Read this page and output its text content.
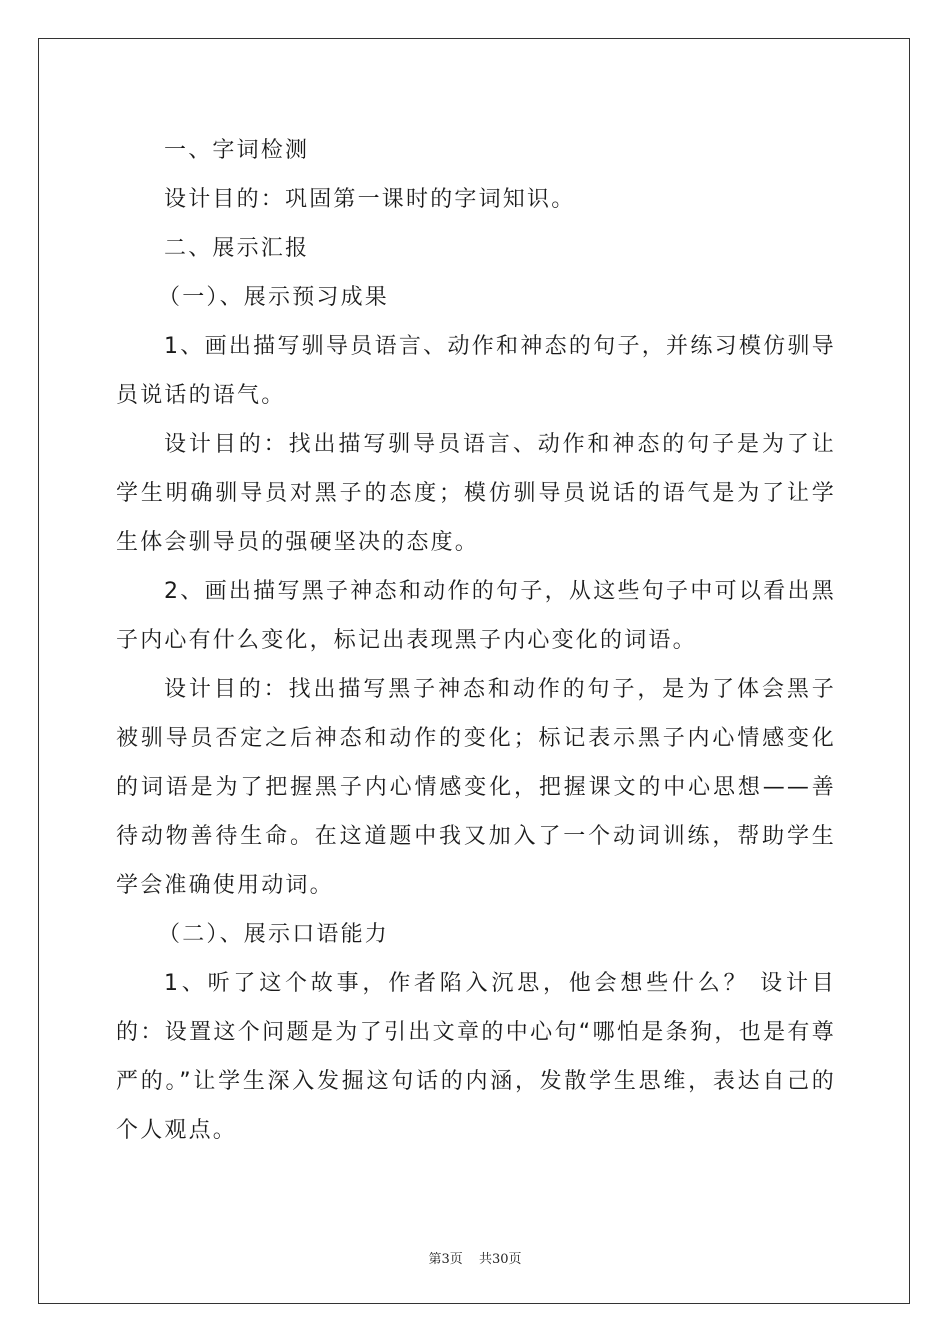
一、字词检测

设计目的：巩固第一课时的字词知识。

二、展示汇报

（一）、展示预习成果

1、画出描写驯导员语言、动作和神态的句子，并练习模仿驯导员说话的语气。

设计目的：找出描写驯导员语言、动作和神态的句子是为了让学生明确驯导员对黑子的态度；模仿驯导员说话的语气是为了让学生体会驯导员的强硬坚决的态度。

2、画出描写黑子神态和动作的句子，从这些句子中可以看出黑子内心有什么变化，标记出表现黑子内心变化的词语。

设计目的：找出描写黑子神态和动作的句子，是为了体会黑子被驯导员否定之后神态和动作的变化；标记表示黑子内心情感变化的词语是为了把握黑子内心情感变化，把握课文的中心思想——善待动物善待生命。在这道题中我又加入了一个动词训练，帮助学生学会准确使用动词。

（二）、展示口语能力

1、听了这个故事，作者陷入沉思，他会想些什么？ 设计目的：设置这个问题是为了引出文章的中心句“哪怕是条狗，也是有尊严的。”让学生深入发掘这句话的内涵，发散学生思维，表达自己的个人观点。

第3页 共30页
